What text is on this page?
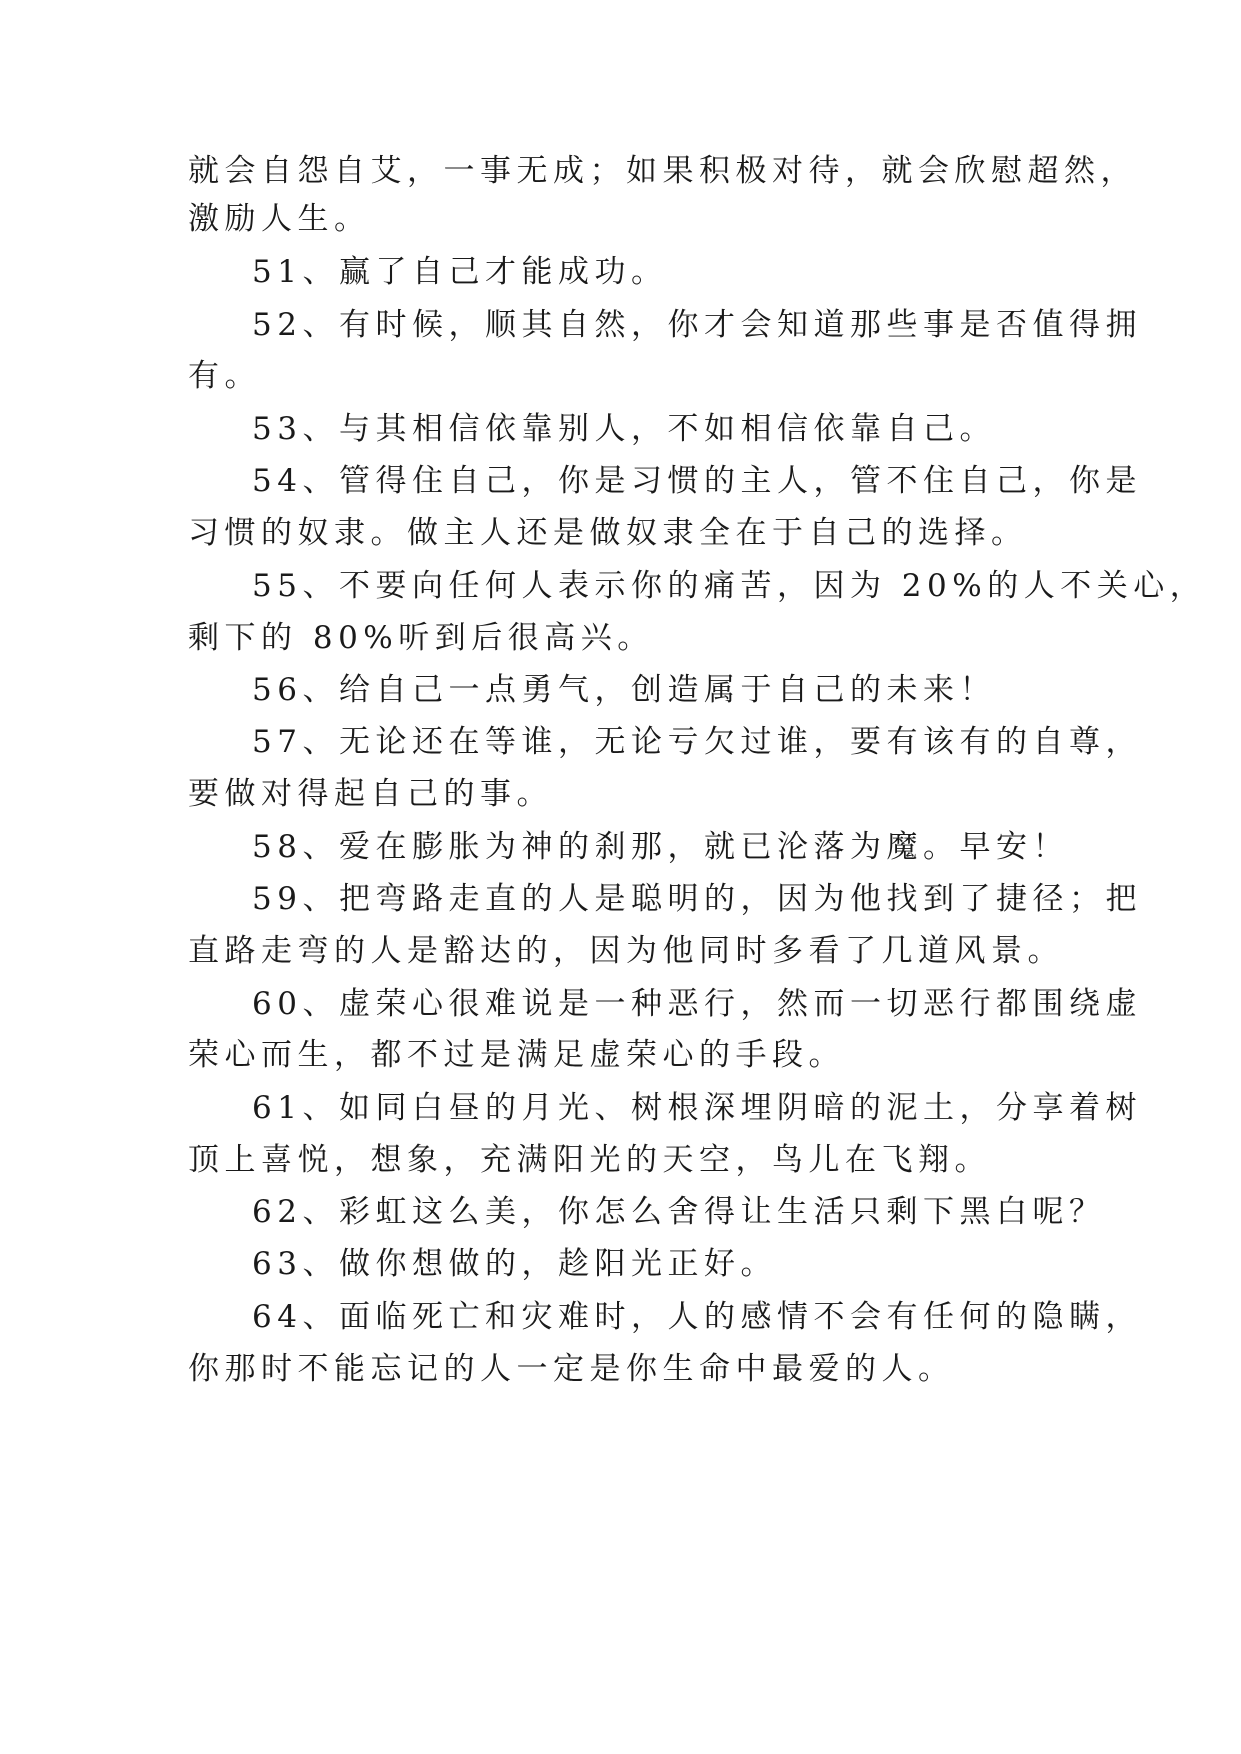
就会自怨自艾，一事无成；如果积极对待，就会欣慰超然，
激励人生。
51、赢了自己才能成功。
52、有时候，顺其自然，你才会知道那些事是否值得拥
有。
53、与其相信依靠别人，不如相信依靠自己。
54、管得住自己，你是习惯的主人，管不住自己，你是
习惯的奴隶。做主人还是做奴隶全在于自己的选择。
55、不要向任何人表示你的痛苦，因为 20%的人不关心，
剩下的 80%听到后很高兴。
56、给自己一点勇气，创造属于自己的未来！
57、无论还在等谁，无论亏欠过谁，要有该有的自尊，
要做对得起自己的事。
58、爱在膨胀为神的刹那，就已沦落为魔。早安！
59、把弯路走直的人是聪明的，因为他找到了捷径；把
直路走弯的人是豁达的，因为他同时多看了几道风景。
60、虚荣心很难说是一种恶行，然而一切恶行都围绕虚
荣心而生，都不过是满足虚荣心的手段。
61、如同白昼的月光、树根深埋阴暗的泥土，分享着树
顶上喜悦，想象，充满阳光的天空，鸟儿在飞翔。
62、彩虹这么美，你怎么舍得让生活只剩下黑白呢？
63、做你想做的，趁阳光正好。
64、面临死亡和灾难时，人的感情不会有任何的隐瞒，
你那时不能忘记的人一定是你生命中最爱的人。
